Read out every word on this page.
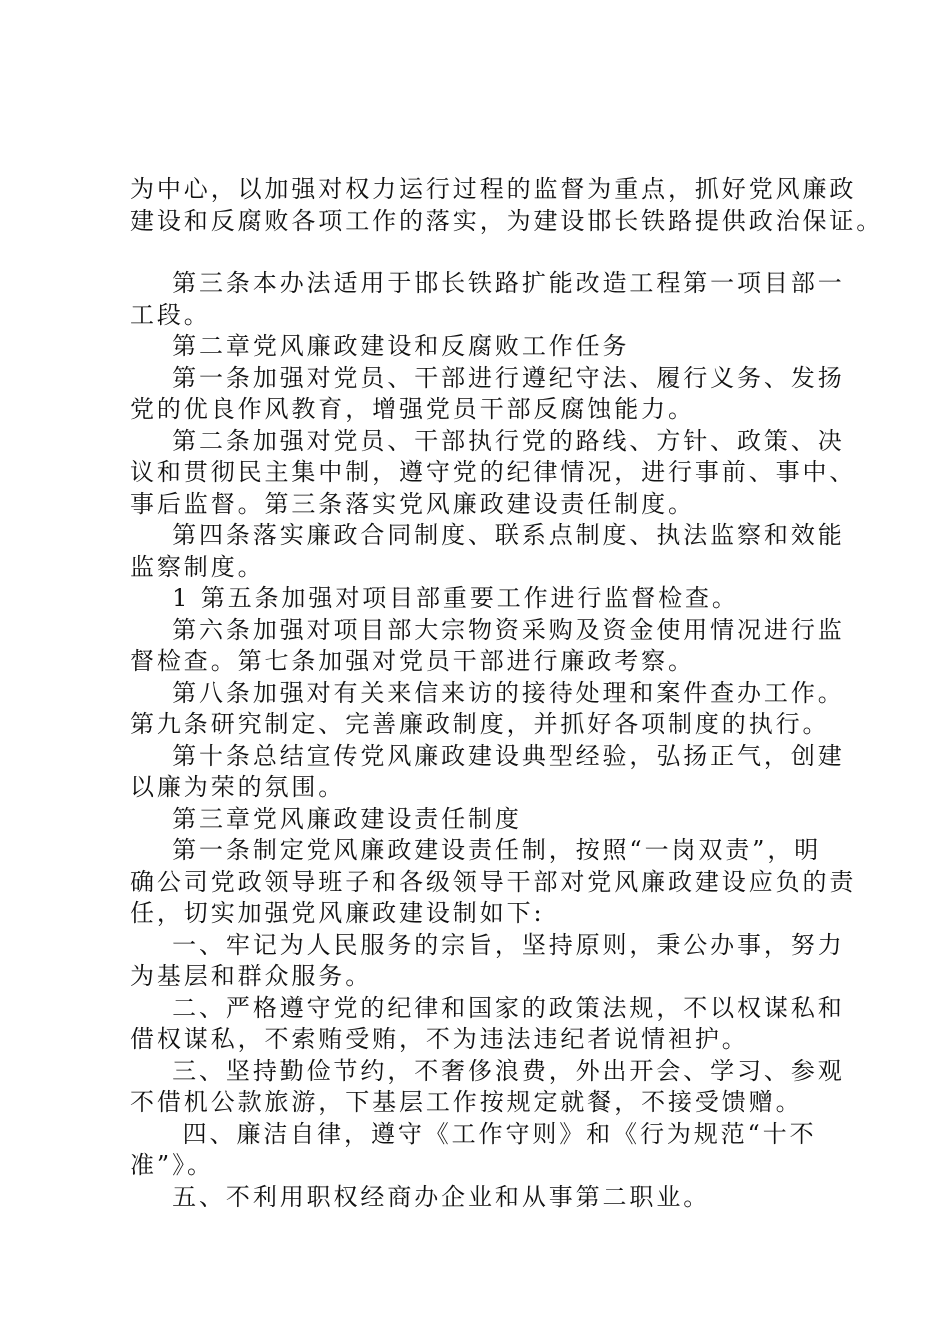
为中心，以加强对权力运行过程的监督为重点，抓好党风廉政

建设和反腐败各项工作的落实，为建设邯长铁路提供政治保证。

第三条本办法适用于邯长铁路扩能改造工程第一项目部一

工段。

第二章党风廉政建设和反腐败工作任务

第一条加强对党员、干部进行遵纪守法、履行义务、发扬

党的优良作风教育，增强党员干部反腐蚀能力。

第二条加强对党员、干部执行党的路线、方针、政策、决

议和贯彻民主集中制，遵守党的纪律情况，进行事前、事中、

事后监督。第三条落实党风廉政建设责任制度。

第四条落实廉政合同制度、联系点制度、执法监察和效能

监察制度。

1 第五条加强对项目部重要工作进行监督检查。

第六条加强对项目部大宗物资采购及资金使用情况进行监

督检查。第七条加强对党员干部进行廉政考察。

第八条加强对有关来信来访的接待处理和案件查办工作。

第九条研究制定、完善廉政制度，并抓好各项制度的执行。

第十条总结宣传党风廉政建设典型经验，弘扬正气，创建

以廉为荣的氛围。

第三章党风廉政建设责任制度

第一条制定党风廉政建设责任制，按照“一岗双责”，明

确公司党政领导班子和各级领导干部对党风廉政建设应负的责

任，切实加强党风廉政建设制如下:

一、牢记为人民服务的宗旨，坚持原则，秉公办事，努力

为基层和群众服务。

二、严格遵守党的纪律和国家的政策法规，不以权谋私和

借权谋私，不索贿受贿，不为违法违纪者说情袒护。

三、坚持勤俭节约，不奢侈浪费，外出开会、学习、参观

不借机公款旅游，下基层工作按规定就餐，不接受馈赠。

四、廉洁自律，遵守《工作守则》和《行为规范“十不

准”》。

五、不利用职权经商办企业和从事第二职业。
